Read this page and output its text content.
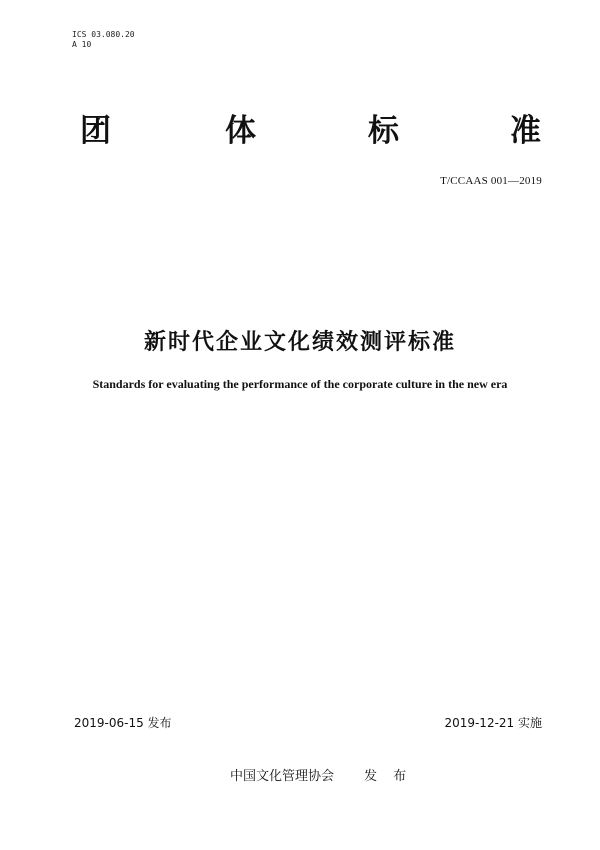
ICS 03.080.20
A 10
团	体	标	准
T/CCAAS 001—2019
新时代企业文化绩效测评标准
Standards for evaluating the performance of the corporate culture in the new era
2019-06-15 发布	2019-12-21 实施
中国文化管理协会 发 布
